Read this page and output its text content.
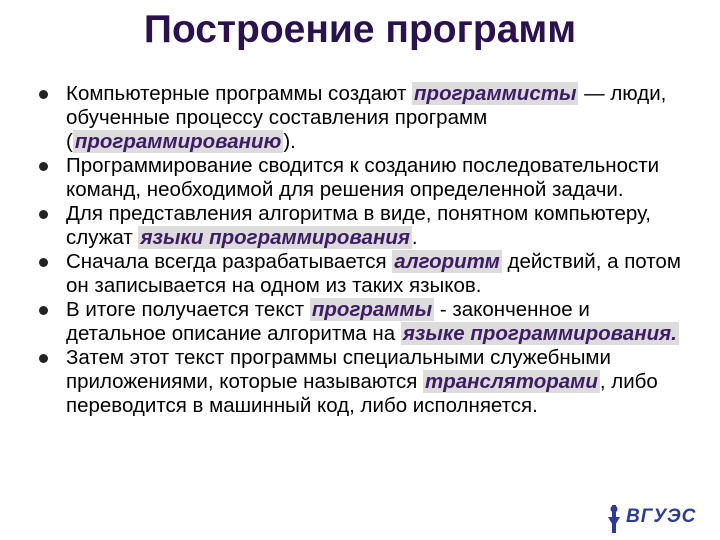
Построение программ
Компьютерные программы создают программисты — люди, обученные процессу составления программ (программированию).
Программирование сводится к созданию последовательности команд, необходимой для решения определенной задачи.
Для представления алгоритма в виде, понятном компьютеру, служат языки программирования.
Сначала всегда разрабатывается алгоритм действий, а потом он записывается на одном из таких языков.
В итоге получается текст программы - законченное и детальное описание алгоритма на языке программирования.
Затем этот текст программы специальными служебными приложениями, которые называются трансляторами, либо переводится в машинный код, либо исполняется.
ВГУЭС
